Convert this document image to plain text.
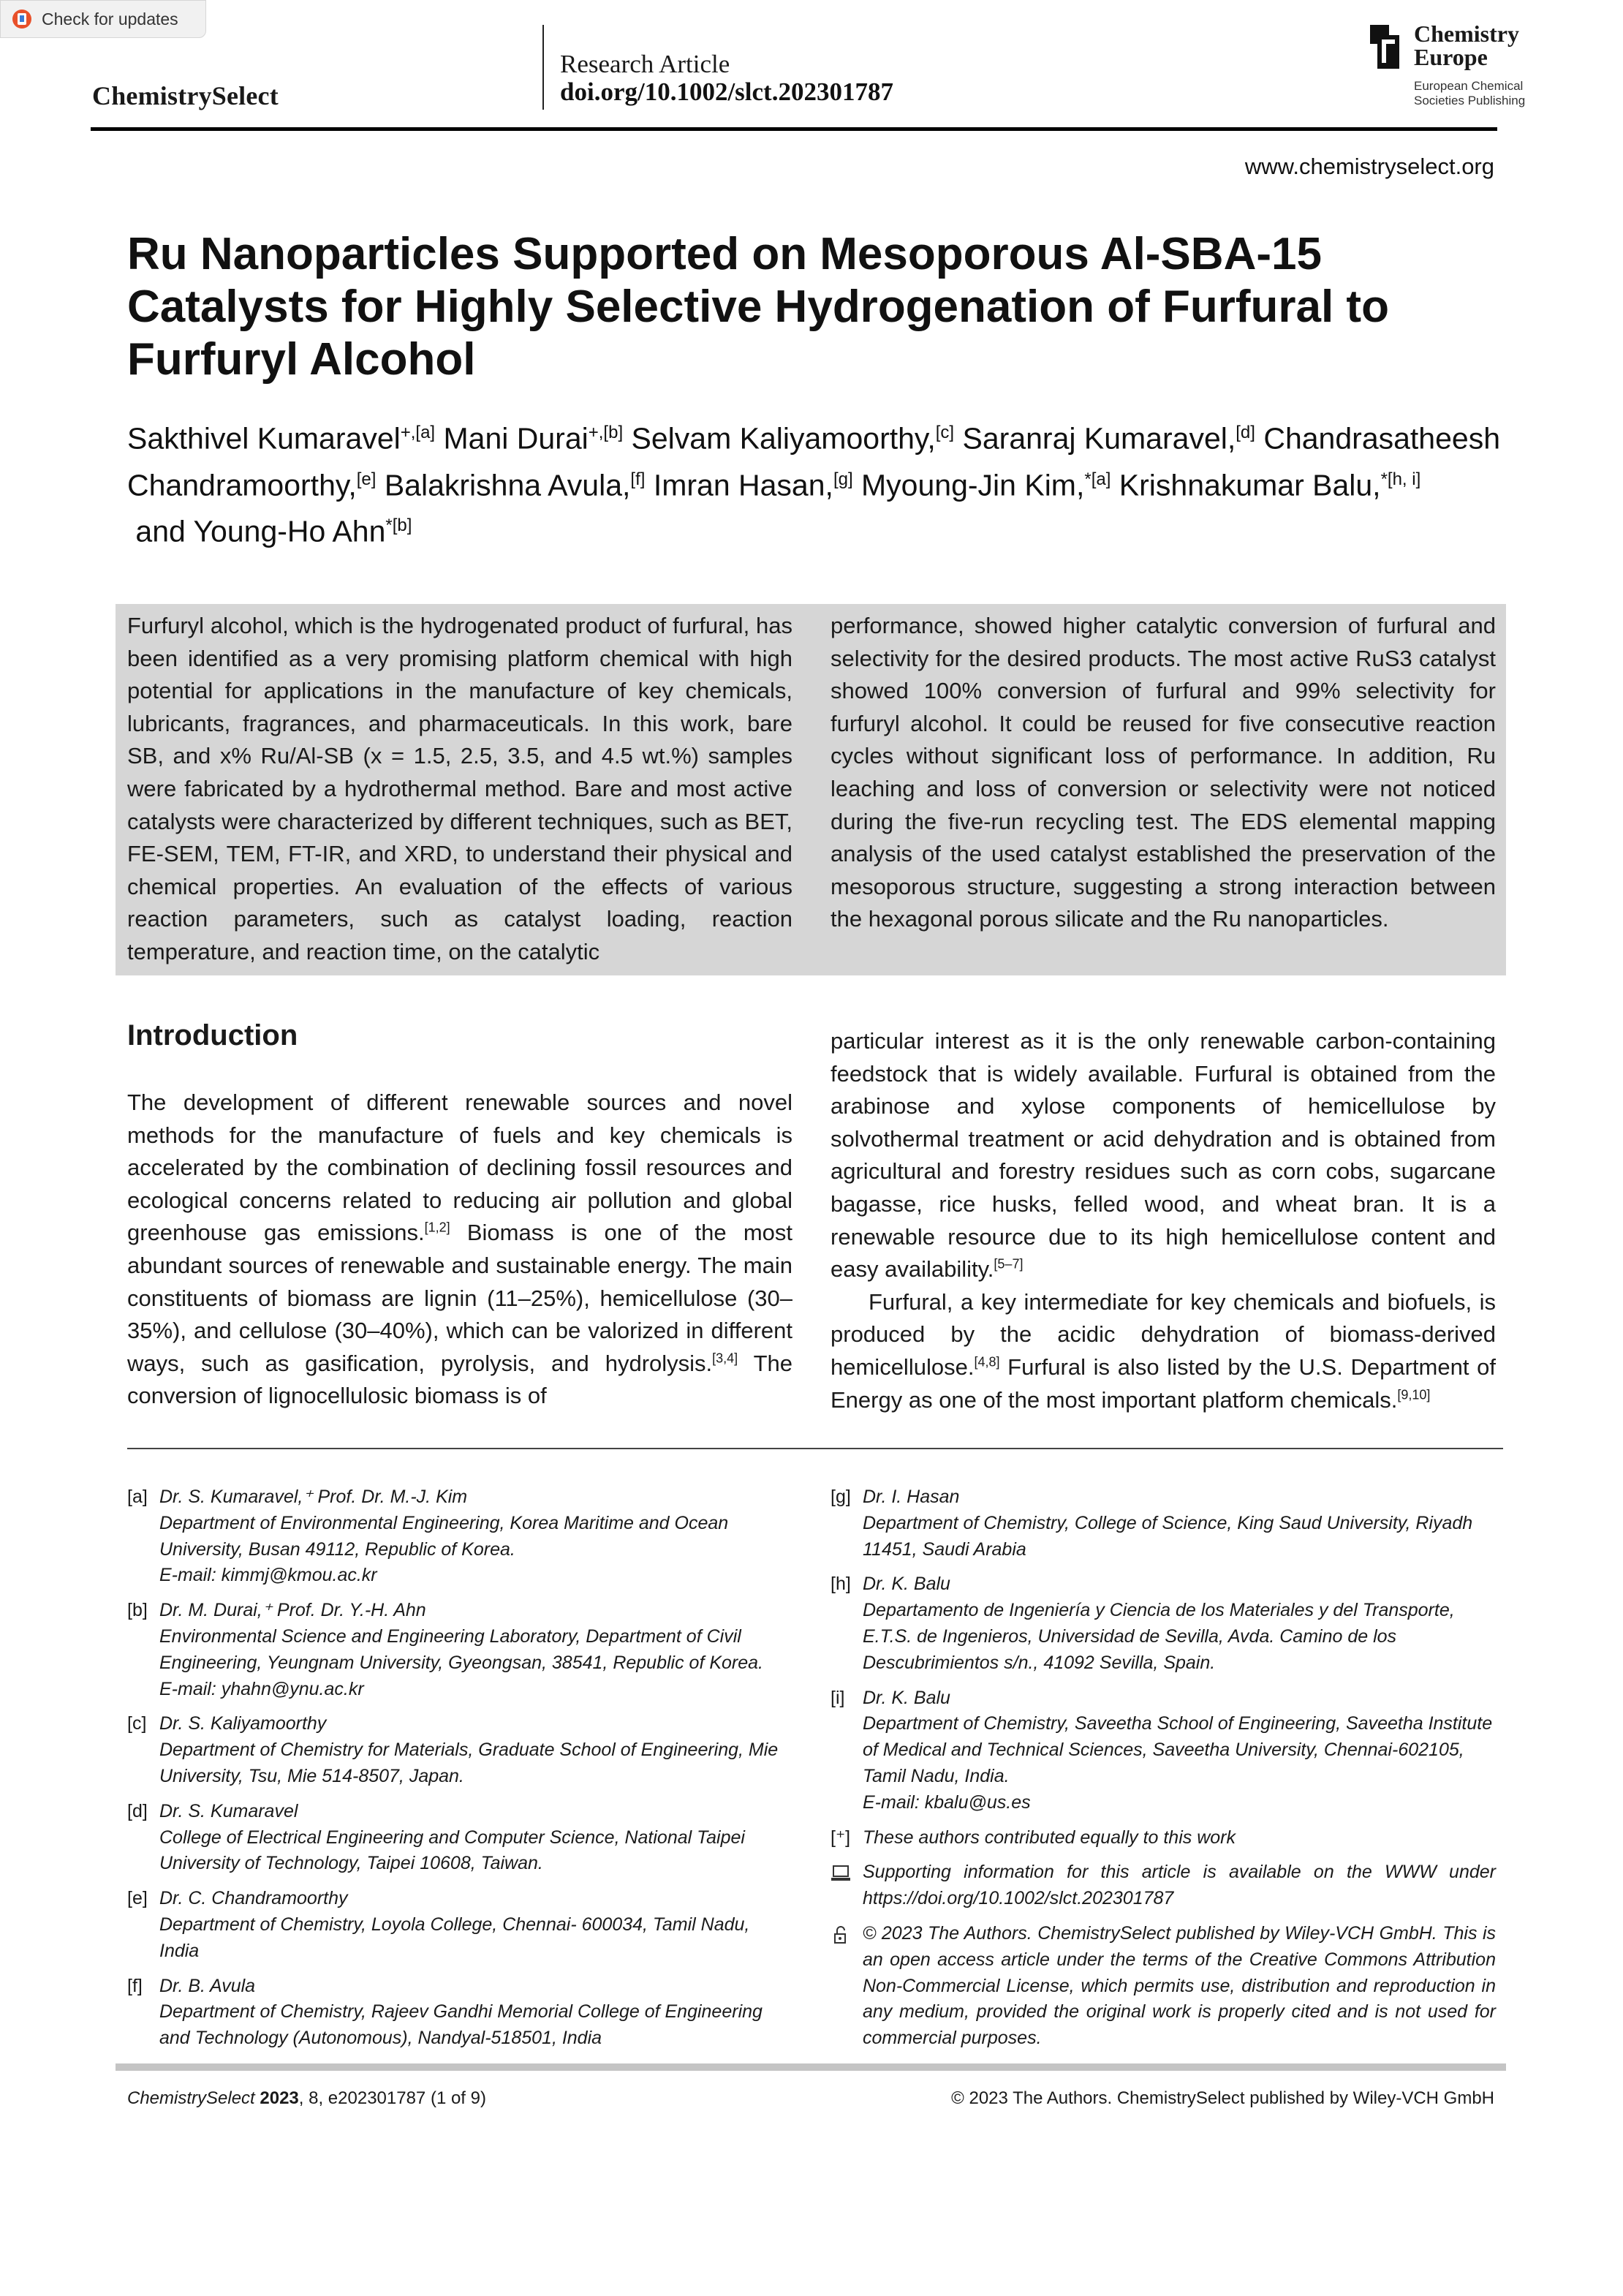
Check for updates
ChemistrySelect
Research Article
doi.org/10.1002/slct.202301787
Chemistry
Europe
European Chemical
Societies Publishing
www.chemistryselect.org
Ru Nanoparticles Supported on Mesoporous Al-SBA-15 Catalysts for Highly Selective Hydrogenation of Furfural to Furfuryl Alcohol
Sakthivel Kumaravel$^{+,[a]}$ Mani Durai$^{+,[b]}$ Selvam Kaliyamoorthy,[c] Saranraj Kumaravel,[d] Chandrasatheesh Chandramoorthy,[e] Balakrishna Avula,[f] Imran Hasan,[g] Myoung-Jin Kim,$^{*[a]}$ Krishnakumar Balu,$^{*[h, i]}$ and Young-Ho Ahn$^{*[b]}$
Furfuryl alcohol, which is the hydrogenated product of furfural, has been identified as a very promising platform chemical with high potential for applications in the manufacture of key chemicals, lubricants, fragrances, and pharmaceuticals. In this work, bare SB, and x% Ru/Al-SB (x = 1.5, 2.5, 3.5, and 4.5 wt.%) samples were fabricated by a hydrothermal method. Bare and most active catalysts were characterized by different techniques, such as BET, FE-SEM, TEM, FT-IR, and XRD, to understand their physical and chemical properties. An evaluation of the effects of various reaction parameters, such as catalyst loading, reaction temperature, and reaction time, on the catalytic
performance, showed higher catalytic conversion of furfural and selectivity for the desired products. The most active RuS3 catalyst showed 100% conversion of furfural and 99% selectivity for furfuryl alcohol. It could be reused for five consecutive reaction cycles without significant loss of performance. In addition, Ru leaching and loss of conversion or selectivity were not noticed during the five-run recycling test. The EDS elemental mapping analysis of the used catalyst established the preservation of the mesoporous structure, suggesting a strong interaction between the hexagonal porous silicate and the Ru nanoparticles.
Introduction

The development of different renewable sources and novel methods for the manufacture of fuels and key chemicals is accelerated by the combination of declining fossil resources and ecological concerns related to reducing air pollution and global greenhouse gas emissions.[1,2] Biomass is one of the most abundant sources of renewable and sustainable energy. The main constituents of biomass are lignin (11–25%), hemicellulose (30–35%), and cellulose (30–40%), which can be valorized in different ways, such as gasification, pyrolysis, and hydrolysis.[3,4] The conversion of lignocellulosic biomass is of

particular interest as it is the only renewable carbon-containing feedstock that is widely available. Furfural is obtained from the arabinose and xylose components of hemicellulose by solvothermal treatment or acid dehydration and is obtained from agricultural and forestry residues such as corn cobs, sugarcane bagasse, rice husks, felled wood, and wheat bran. It is a renewable resource due to its high hemicellulose content and easy availability.[5–7]

Furfural, a key intermediate for key chemicals and biofuels, is produced by the acidic dehydration of biomass-derived hemicellulose.[4,8] Furfural is also listed by the U.S. Department of Energy as one of the most important platform chemicals.[9,10]

[a] Dr. S. Kumaravel,⁺ Prof. Dr. M.-J. Kim
Department of Environmental Engineering, Korea Maritime and Ocean University, Busan 49112, Republic of Korea.
E-mail: kimmj@kmou.ac.kr
[b] Dr. M. Durai,⁺ Prof. Dr. Y.-H. Ahn
Environmental Science and Engineering Laboratory, Department of Civil Engineering, Yeungnam University, Gyeongsan, 38541, Republic of Korea.
E-mail: yhahn@ynu.ac.kr
[c] Dr. S. Kaliyamoorthy
Department of Chemistry for Materials, Graduate School of Engineering, Mie University, Tsu, Mie 514-8507, Japan.
[d] Dr. S. Kumaravel
College of Electrical Engineering and Computer Science, National Taipei University of Technology, Taipei 10608, Taiwan.
[e] Dr. C. Chandramoorthy
Department of Chemistry, Loyola College, Chennai- 600034, Tamil Nadu, India
[f] Dr. B. Avula
Department of Chemistry, Rajeev Gandhi Memorial College of Engineering and Technology (Autonomous), Nandyal-518501, India
[g] Dr. I. Hasan
Department of Chemistry, College of Science, King Saud University, Riyadh 11451, Saudi Arabia
[h] Dr. K. Balu
Departamento de Ingeniería y Ciencia de los Materiales y del Transporte, E.T.S. de Ingenieros, Universidad de Sevilla, Avda. Camino de los Descubrimientos s/n., 41092 Sevilla, Spain.
[i] Dr. K. Balu
Department of Chemistry, Saveetha School of Engineering, Saveetha Institute of Medical and Technical Sciences, Saveetha University, Chennai-602105, Tamil Nadu, India.
E-mail: kbalu@us.es
[⁺] These authors contributed equally to this work
Supporting information for this article is available on the WWW under https://doi.org/10.1002/slct.202301787
© 2023 The Authors. ChemistrySelect published by Wiley-VCH GmbH. This is an open access article under the terms of the Creative Commons Attribution Non-Commercial License, which permits use, distribution and reproduction in any medium, provided the original work is properly cited and is not used for commercial purposes.
ChemistrySelect 2023, 8, e202301787 (1 of 9)	© 2023 The Authors. ChemistrySelect published by Wiley-VCH GmbH
